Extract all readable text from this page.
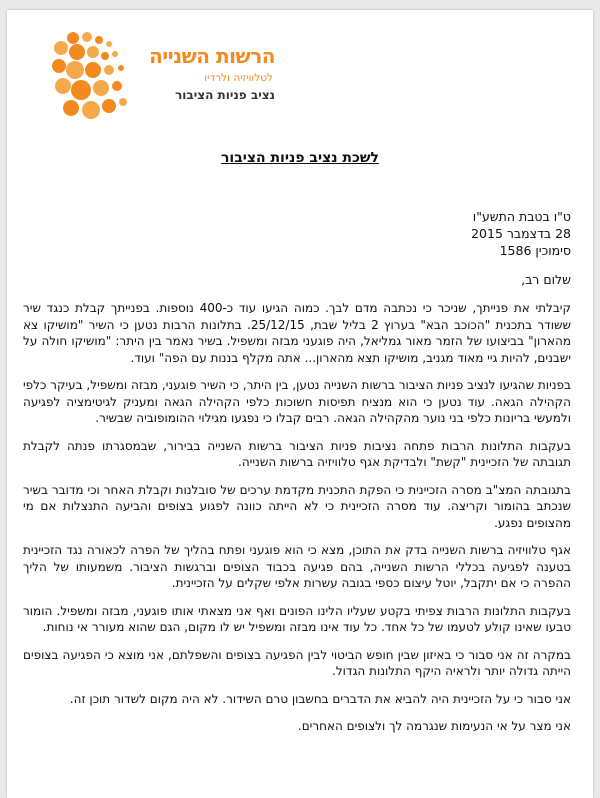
הרשות השנייה
לטלוויזיה ולרדיו
נציב פניות הציבור
לשכת נציב פניות הציבור
ט"ו בטבת התשע"ו
28 בדצמבר 2015
סימוכין 1586
שלום רב,

קיבלתי את פנייתך, שניכר כי נכתבה מדם לבך. כמוה הגיעו עוד כ-400 נוספות. בפנייתך קבלת כנגד שיר ששודר בתכנית "הכוכב הבא" בערוץ 2 בליל שבת, 25/12/15. בתלונות הרבות נטען כי השיר "מושיקו צא מהארון" בביצועו של הזמר מאור גמליאל, היה פוגעני מבזה ומשפיל. בשיר נאמר בין היתר: "מושיקו חולה על ישבנים, להיות גיי מאוד מגניב, מושיקו תצא מהארון... אתה מקלף בננות עם הפה" ועוד.

בפניות שהגיעו לנציב פניות הציבור ברשות השנייה נטען, בין היתר, כי השיר פוגעני, מבזה ומשפיל, בעיקר כלפי הקהילה הגאה. עוד נטען כי הוא מנציח תפיסות חשוכות כלפי הקהילה הגאה ומעניק לגיטימציה לפגיעה ולמעשי בריונות כלפי בני נוער מהקהילה הגאה. רבים קבלו כי נפגעו מגילוי ההומופוביה שבשיר.

בעקבות התלונות הרבות פתחה נציבות פניות הציבור ברשות השנייה בבירור, שבמסגרתו פנתה לקבלת תגובתה של הזכיינית "קשת" ולבדיקת אגף טלוויזיה ברשות השנייה.

בתגובתה המצ"ב מסרה הזכיינית כי הפקת התכנית מקדמת ערכים של סובלנות וקבלת האחר וכי מדובר בשיר שנכתב בהומור וקריצה. עוד מסרה הזכיינית כי לא הייתה כוונה לפגוע בצופים והביעה התנצלות אם מי מהצופים נפגע.

אגף טלוויזיה ברשות השנייה בדק את התוכן, מצא כי הוא פוגעני ופתח בהליך של הפרה לכאורה נגד הזכיינית בטענה לפגיעה בכללי הרשות השנייה, בהם פגיעה בכבוד הצופים וברגשות הציבור. משמעותו של הליך ההפרה כי אם יתקבל, יוטל עיצום כספי בגובה עשרות אלפי שקלים על הזכיינית.

בעקבות התלונות הרבות צפיתי בקטע שעליו הלינו הפונים ואף אני מצאתי אותו פוגעני, מבזה ומשפיל. הומור טבעו שאינו קולע לטעמו של כל אחד. כל עוד אינו מבזה ומשפיל יש לו מקום, הגם שהוא מעורר אי נוחות.

במקרה זה אני סבור כי באיזון שבין חופש הביטוי לבין הפגיעה בצופים והשפלתם, אני מוצא כי הפגיעה בצופים הייתה גדולה יותר ולראיה היקף התלונות הגדול.

אני סבור כי על הזכיינית היה להביא את הדברים בחשבון טרם השידור. לא היה מקום לשדור תוכן זה.

אני מצר על אי הנעימות שנגרמה לך ולצופים האחרים.
